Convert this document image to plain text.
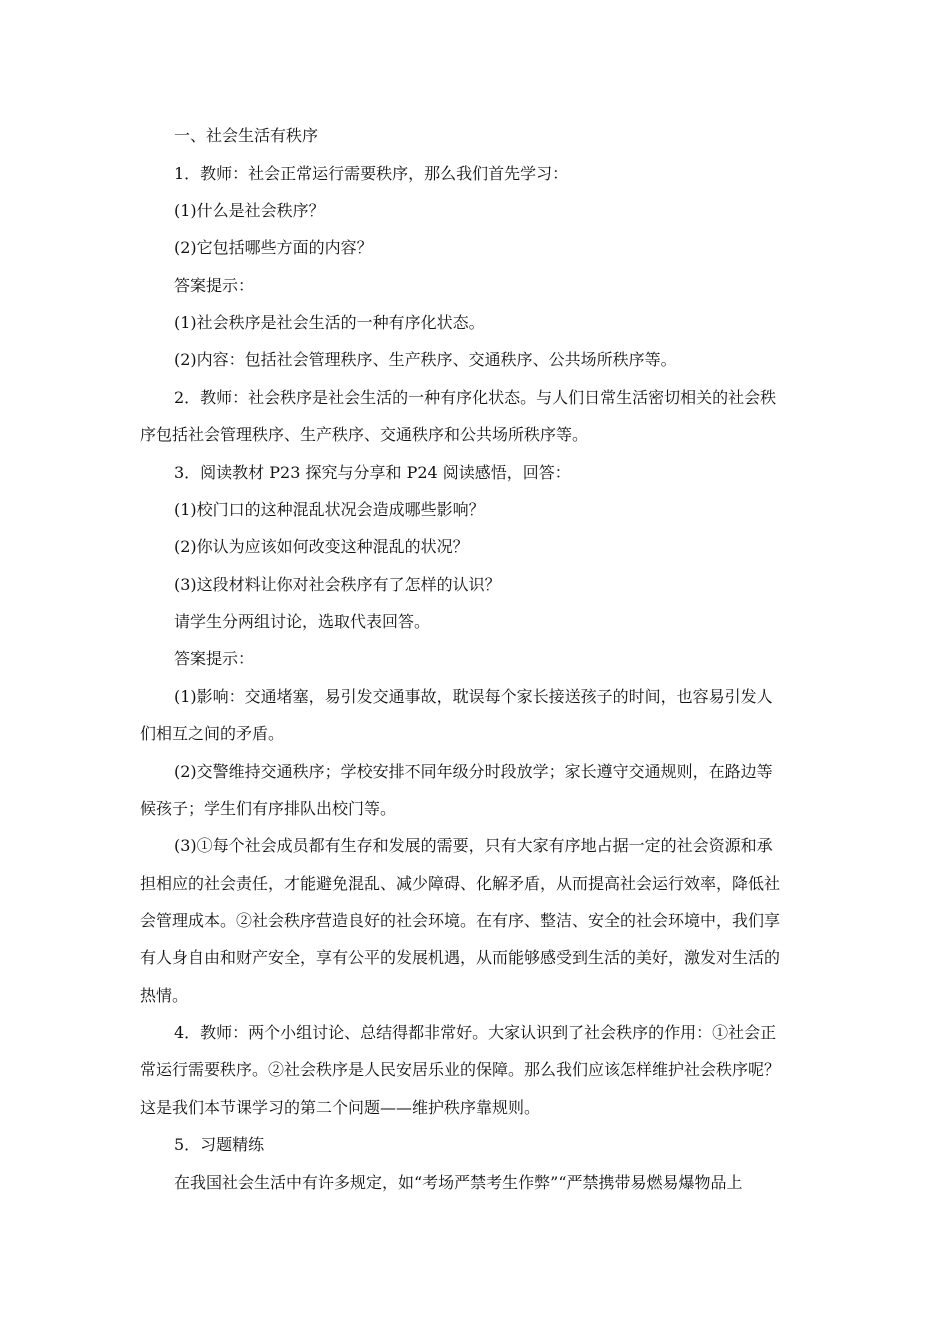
一、社会生活有秩序
1．教师：社会正常运行需要秩序，那么我们首先学习：
(1)什么是社会秩序？
(2)它包括哪些方面的内容？
答案提示：
(1)社会秩序是社会生活的一种有序化状态。
(2)内容：包括社会管理秩序、生产秩序、交通秩序、公共场所秩序等。
2．教师：社会秩序是社会生活的一种有序化状态。与人们日常生活密切相关的社会秩
序包括社会管理秩序、生产秩序、交通秩序和公共场所秩序等。
3．阅读教材 P23 探究与分享和 P24 阅读感悟，回答：
(1)校门口的这种混乱状况会造成哪些影响？
(2)你认为应该如何改变这种混乱的状况？
(3)这段材料让你对社会秩序有了怎样的认识？
请学生分两组讨论，选取代表回答。
答案提示：
(1)影响：交通堵塞，易引发交通事故，耽误每个家长接送孩子的时间，也容易引发人
们相互之间的矛盾。
(2)交警维持交通秩序；学校安排不同年级分时段放学；家长遵守交通规则，在路边等
候孩子；学生们有序排队出校门等。
(3)①每个社会成员都有生存和发展的需要，只有大家有序地占据一定的社会资源和承
担相应的社会责任，才能避免混乱、减少障碍、化解矛盾，从而提高社会运行效率，降低社
会管理成本。②社会秩序营造良好的社会环境。在有序、整洁、安全的社会环境中，我们享
有人身自由和财产安全，享有公平的发展机遇，从而能够感受到生活的美好，激发对生活的
热情。
4．教师：两个小组讨论、总结得都非常好。大家认识到了社会秩序的作用：①社会正
常运行需要秩序。②社会秩序是人民安居乐业的保障。那么我们应该怎样维护社会秩序呢？
这是我们本节课学习的第二个问题——维护秩序靠规则。
5．习题精练
在我国社会生活中有许多规定，如“考场严禁考生作弊”“严禁携带易燃易爆物品上
